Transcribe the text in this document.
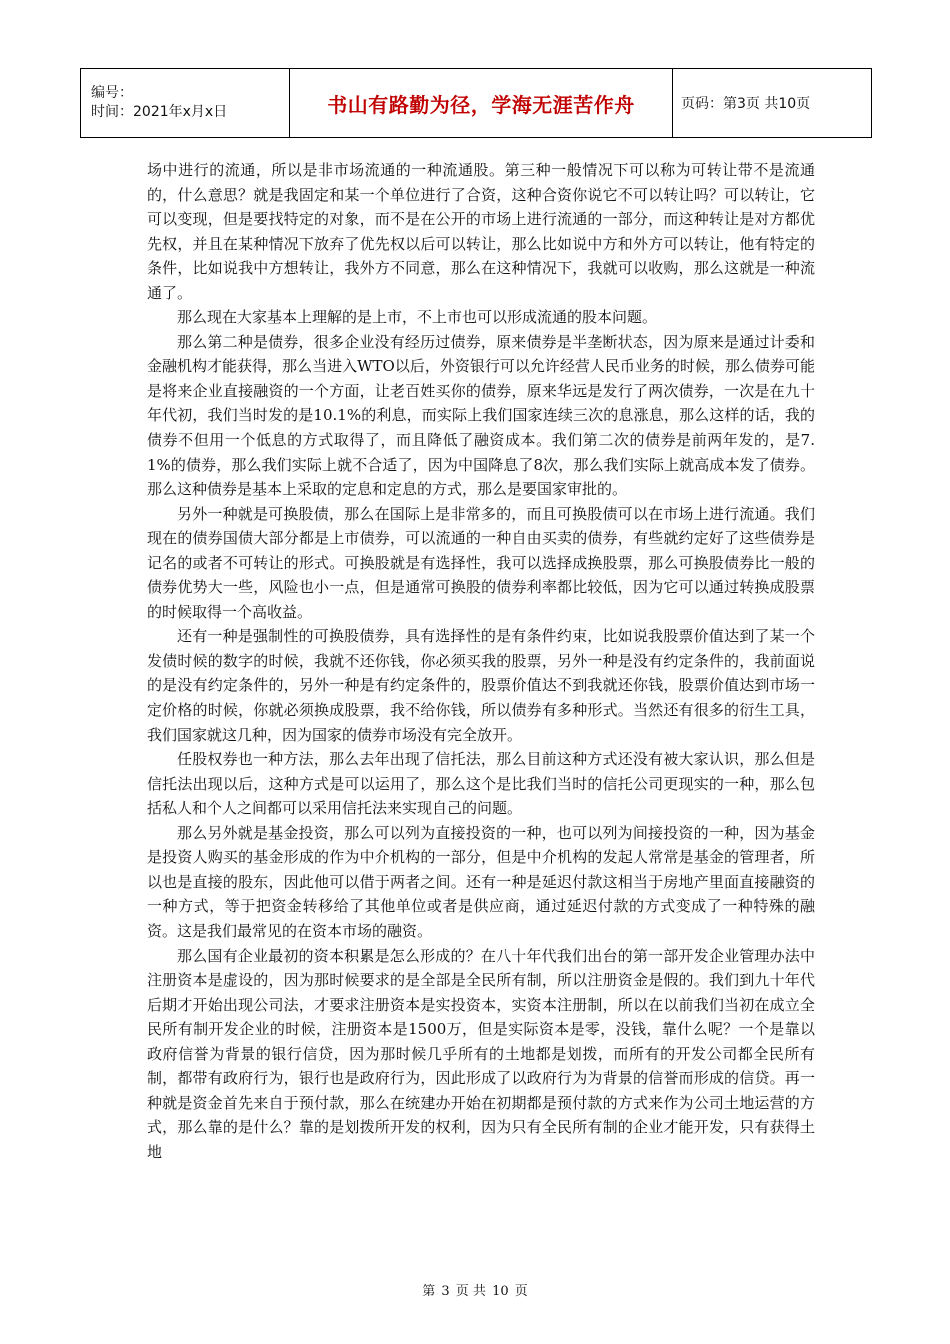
编号：
时间：2021年x月x日	书山有路勤为径，学海无涯苦作舟	页码：第3页 共10页

场中进行的流通，所以是非市场流通的一种流通股。第三种一般情况下可以称为可转让带不是流通的，什么意思？就是我固定和某一个单位进行了合资，这种合资你说它不可以转让吗？可以转让，它可以变现，但是要找特定的对象，而不是在公开的市场上进行流通的一部分，而这种转让是对方都优先权，并且在某种情况下放弃了优先权以后可以转让，那么比如说中方和外方可以转让，他有特定的条件，比如说我中方想转让，我外方不同意，那么在这种情况下，我就可以收购，那么这就是一种流通了。

那么现在大家基本上理解的是上市，不上市也可以形成流通的股本问题。

那么第二种是债券，很多企业没有经历过债券，原来债券是半垄断状态，因为原来是通过计委和金融机构才能获得，那么当进入WTO以后，外资银行可以允许经营人民币业务的时候，那么债券可能是将来企业直接融资的一个方面，让老百姓买你的债券，原来华远是发行了两次债券，一次是在九十年代初，我们当时发的是10.1%的利息，而实际上我们国家连续三次的息涨息，那么这样的话，我的债券不但用一个低息的方式取得了，而且降低了融资成本。我们第二次的债券是前两年发的，是7.1%的债券，那么我们实际上就不合适了，因为中国降息了8次，那么我们实际上就高成本发了债券。那么这种债券是基本上采取的定息和定息的方式，那么是要国家审批的。

另外一种就是可换股债，那么在国际上是非常多的，而且可换股债可以在市场上进行流通。我们现在的债券国债大部分都是上市债券，可以流通的一种自由买卖的债券，有些就约定好了这些债券是记名的或者不可转让的形式。可换股就是有选择性，我可以选择成换股票，那么可换股债券比一般的债券优势大一些，风险也小一点，但是通常可换股的债券利率都比较低，因为它可以通过转换成股票的时候取得一个高收益。

还有一种是强制性的可换股债券，具有选择性的是有条件约束，比如说我股票价值达到了某一个发债时候的数字的时候，我就不还你钱，你必须买我的股票，另外一种是没有约定条件的，我前面说的是没有约定条件的，另外一种是有约定条件的，股票价值达不到我就还你钱，股票价值达到市场一定价格的时候，你就必须换成股票，我不给你钱，所以债券有多种形式。当然还有很多的衍生工具，我们国家就这几种，因为国家的债券市场没有完全放开。

任股权券也一种方法，那么去年出现了信托法，那么目前这种方式还没有被大家认识，那么但是信托法出现以后，这种方式是可以运用了，那么这个是比我们当时的信托公司更现实的一种，那么包括私人和个人之间都可以采用信托法来实现自己的问题。

那么另外就是基金投资，那么可以列为直接投资的一种，也可以列为间接投资的一种，因为基金是投资人购买的基金形成的作为中介机构的一部分，但是中介机构的发起人常常是基金的管理者，所以也是直接的股东，因此他可以借于两者之间。还有一种是延迟付款这相当于房地产里面直接融资的一种方式，等于把资金转移给了其他单位或者是供应商，通过延迟付款的方式变成了一种特殊的融资。这是我们最常见的在资本市场的融资。

那么国有企业最初的资本积累是怎么形成的？在八十年代我们出台的第一部开发企业管理办法中注册资本是虚设的，因为那时候要求的是全部是全民所有制，所以注册资金是假的。我们到九十年代后期才开始出现公司法，才要求注册资本是实投资本，实资本注册制，所以在以前我们当初在成立全民所有制开发企业的时候，注册资本是1500万，但是实际资本是零，没钱，靠什么呢？一个是靠以政府信誉为背景的银行信贷，因为那时候几乎所有的土地都是划拨，而所有的开发公司都全民所有制，都带有政府行为，银行也是政府行为，因此形成了以政府行为为背景的信誉而形成的信贷。再一种就是资金首先来自于预付款，那么在统建办开始在初期都是预付款的方式来作为公司土地运营的方式，那么靠的是什么？靠的是划拨所开发的权利，因为只有全民所有制的企业才能开发，只有获得土地

第 3 页 共 10 页
